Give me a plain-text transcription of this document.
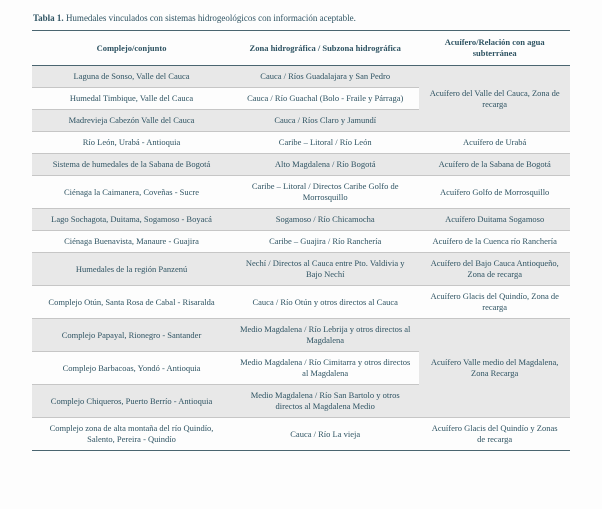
Tabla 1. Humedales vinculados con sistemas hidrogeológicos con información aceptable.

Complejo/conjunto	Zona hidrográfica / Subzona hidrográfica	Acuífero/Relación con agua subterránea
Laguna de Sonso, Valle del Cauca	Cauca / Ríos Guadalajara y San Pedro	Acuífero del Valle del Cauca, Zona de recarga
Humedal Timbique, Valle del Cauca	Cauca / Río Guachal (Bolo - Fraile y Párraga)	
Madrevieja Cabezón Valle del Cauca	Cauca / Ríos Claro y Jamundí	
Río León, Urabá - Antioquia	Caribe – Litoral / Río León	Acuífero de Urabá
Sistema de humedales de la Sabana de Bogotá	Alto Magdalena / Río Bogotá	Acuífero de la Sabana de Bogotá
Ciénaga la Caimanera, Coveñas - Sucre	Caribe – Litoral / Directos Caribe Golfo de Morrosquillo	Acuífero Golfo de Morrosquillo
Lago Sochagota, Duitama, Sogamoso - Boyacá	Sogamoso / Río Chicamocha	Acuífero Duitama Sogamoso
Ciénaga Buenavista, Manaure - Guajira	Caribe – Guajira / Río Ranchería	Acuífero de la Cuenca río Ranchería
Humedales de la región Panzenú	Nechí / Directos al Cauca entre Pto. Valdivia y Bajo Nechí	Acuífero del Bajo Cauca Antioqueño, Zona de recarga
Complejo Otún, Santa Rosa de Cabal - Risaralda	Cauca / Río Otún y otros directos al Cauca	Acuífero Glacis del Quindío, Zona de recarga
Complejo Papayal, Rionegro - Santander	Medio Magdalena / Río Lebrija y otros directos al Magdalena	Acuífero Valle medio del Magdalena, Zona Recarga
Complejo Barbacoas, Yondó - Antioquia	Medio Magdalena / Río Cimitarra y otros directos al Magdalena	
Complejo Chiqueros, Puerto Berrío - Antioquia	Medio Magdalena / Río San Bartolo y otros directos al Magdalena Medio	
Complejo zona de alta montaña del río Quindío, Salento, Pereira - Quindío	Cauca / Río La vieja	Acuífero Glacis del Quindío y Zonas de recarga
